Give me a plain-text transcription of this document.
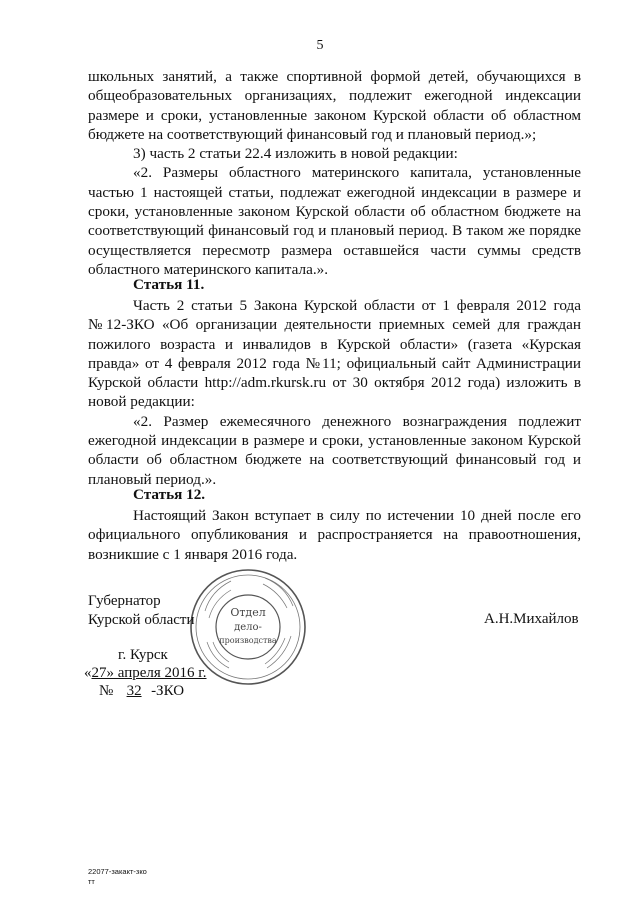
5

школьных занятий, а также спортивной формой детей, обучающихся в общеобразовательных организациях, подлежит ежегодной индексации размере и сроки, установленные законом Курской области об областном бюджете на соответствующий финансовый год и плановый период.»;

3) часть 2 статьи 22.4 изложить в новой редакции:

«2. Размеры областного материнского капитала, установленные частью 1 настоящей статьи, подлежат ежегодной индексации в размере и сроки, установленные законом Курской области об областном бюджете на соответствующий финансовый год и плановый период. В таком же порядке осуществляется пересмотр размера оставшейся части суммы средств областного материнского капитала.».

Статья 11.

Часть 2 статьи 5 Закона Курской области от 1 февраля 2012 года №12-ЗКО «Об организации деятельности приемных семей для граждан пожилого возраста и инвалидов в Курской области» (газета «Курская правда» от 4 февраля 2012 года №11; официальный сайт Администрации Курской области http://adm.rkursk.ru от 30 октября 2012 года) изложить в новой редакции:

«2. Размер ежемесячного денежного вознаграждения подлежит ежегодной индексации в размере и сроки, установленные законом Курской области об областном бюджете на соответствующий финансовый год и плановый период.».

Статья 12.

Настоящий Закон вступает в силу по истечении 10 дней после его официального опубликования и распространяется на правоотношения, возникшие с 1 января 2016 года.

Отдел
дело-
производства
Губернатор
Курской области	А.Н.Михайлов
г. Курск
«27» апреля 2016 г.
№ 32 -ЗКО
22077-закакт-зко
тт
